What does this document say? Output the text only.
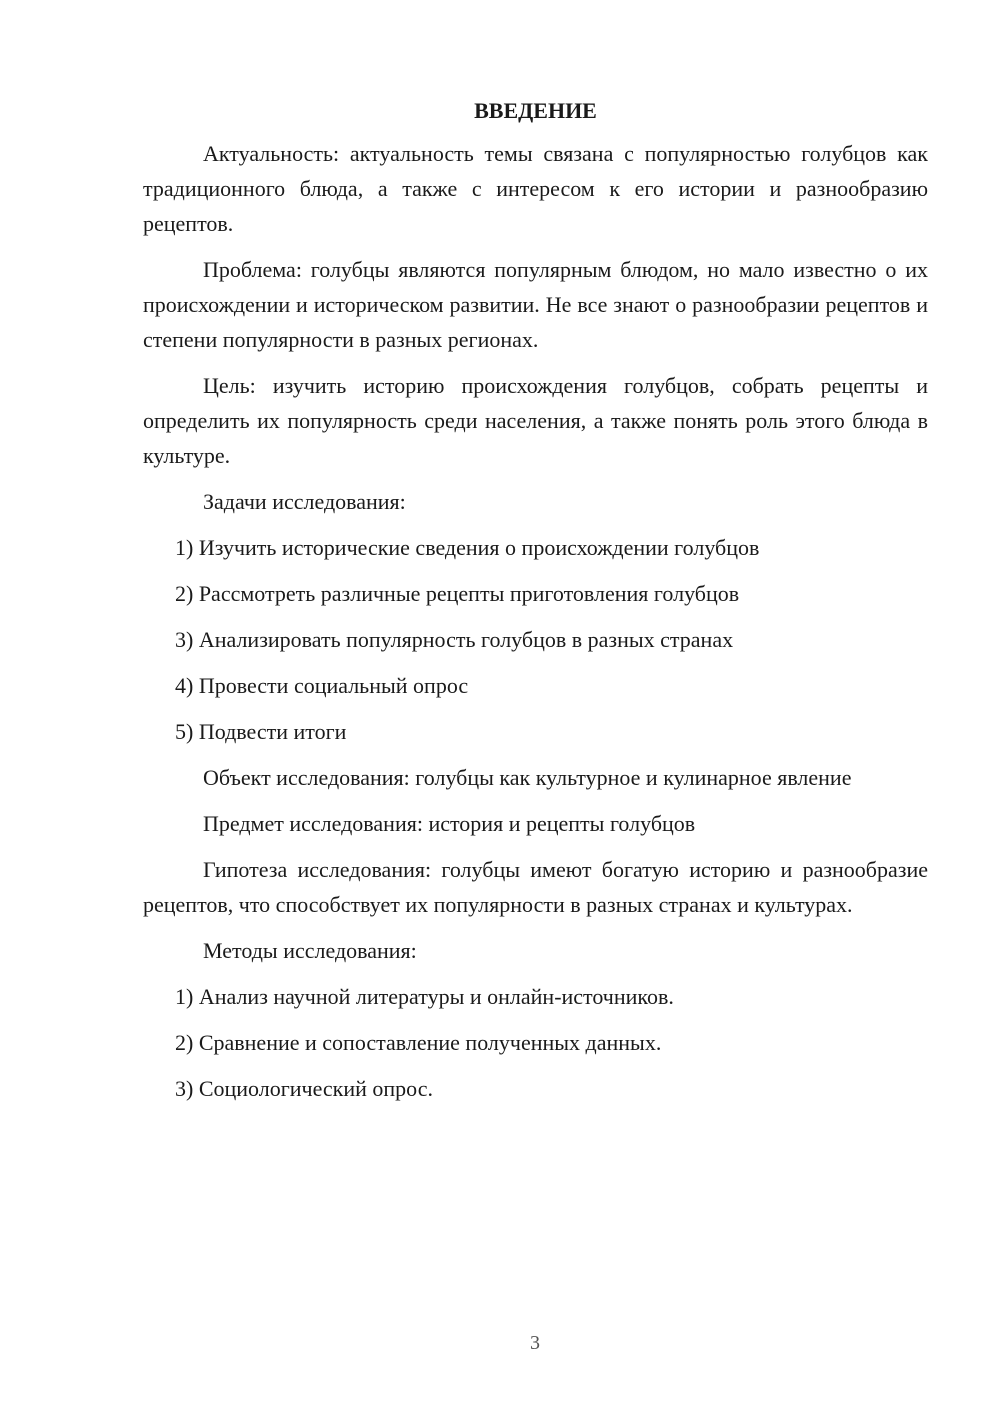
ВВЕДЕНИЕ

Актуальность: актуальность темы связана с популярностью голубцов как традиционного блюда, а также с интересом к его истории и разнообразию рецептов.

Проблема: голубцы являются популярным блюдом, но мало известно о их происхождении и историческом развитии. Не все знают о разнообразии рецептов и степени популярности в разных регионах.

Цель: изучить историю происхождения голубцов, собрать рецепты и определить их популярность среди населения, а также понять роль этого блюда в культуре.

Задачи исследования:

1) Изучить исторические сведения о происхождении голубцов
2) Рассмотреть различные рецепты приготовления голубцов
3) Анализировать популярность голубцов в разных странах
4) Провести социальный опрос
5) Подвести итоги

Объект исследования: голубцы как культурное и кулинарное явление

Предмет исследования: история и рецепты голубцов

Гипотеза исследования: голубцы имеют богатую историю и разнообразие рецептов, что способствует их популярности в разных странах и культурах.

Методы исследования:

1) Анализ научной литературы и онлайн-источников.
2) Сравнение и сопоставление полученных данных.
3) Социологический опрос.
3
